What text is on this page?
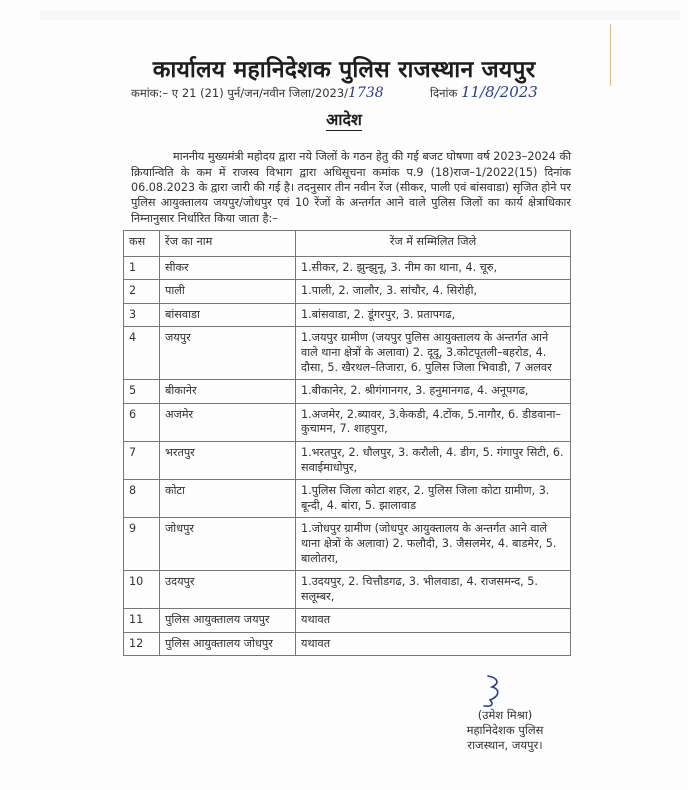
कार्यालय महानिदेशक पुलिस राजस्थान जयपुर
कमांक:– ए 21 (21) पुर्न/जन/नवीन जिला/2023/1738	दिनांक 11/8/2023
आदेश

माननीय मुख्यमंत्री महोदय द्वारा नये जिलों के गठन हेतु की गई बजट घोषणा वर्ष 2023–2024 की क्रियान्विति के कम में राजस्व विभाग द्वारा अधिसूचना कमांक प.9 (18)राज–1/2022(15) दिनांक 06.08.2023 के द्वारा जारी की गई है। तदनुसार तीन नवीन रेंज (सीकर, पाली एवं बांसवाडा) सृजित होने पर पुलिस आयुक्तालय जयपुर/जोधपुर एवं 10 रेंजों के अन्तर्गत आने वाले पुलिस जिलों का कार्य क्षेत्राधिकार निम्नानुसार निर्धारित किया जाता है:–

कस	रेंज का नाम	रेंज में सम्मिलित जिले
1	सीकर	1.सीकर, 2. झुन्झुनू, 3. नीम का थाना, 4. चूरु,
2	पाली	1.पाली, 2. जालौर, 3. सांचौर, 4. सिरोही,
3	बांसवाडा	1.बांसवाडा, 2. डूंगरपुर, 3. प्रतापगढ,
4	जयपुर	1.जयपुर ग्रामीण (जयपुर पुलिस आयुक्तालय के अन्तर्गत आने वाले थाना क्षेत्रों के अलावा) 2. दूदू, 3.कोटपूतली–बहरोड, 4. दौसा, 5. खैरथल–तिजारा, 6. पुलिस जिला भिवाडी, 7 अलवर
5	बीकानेर	1.बीकानेर, 2. श्रीगंगानगर, 3. हनुमानगढ, 4. अनूपगढ,
6	अजमेर	1.अजमेर, 2.ब्यावर, 3.केकडी, 4.टोंक, 5.नागौर, 6. डीडवाना–कुचामन, 7. शाहपुरा,
7	भरतपुर	1.भरतपुर, 2. धौलपुर, 3. करौली, 4. डीग, 5. गंगापुर सिटी, 6. सवाईमाधोपुर,
8	कोटा	1.पुलिस जिला कोटा शहर, 2. पुलिस जिला कोटा ग्रामीण, 3. बून्दी, 4. बांरा, 5. झालावाड
9	जोधपुर	1.जोधपुर ग्रामीण (जोधपुर आयुक्तालय के अन्तर्गत आने वाले थाना क्षेत्रों के अलावा) 2. फलौदी, 3. जैसलमेर, 4. बाडमेर, 5. बालोतरा,
10	उदयपुर	1.उदयपुर, 2. चित्तौडगढ, 3. भीलवाडा, 4. राजसमन्द, 5. सलूम्बर,
11	पुलिस आयुक्तालय जयपुर	यथावत
12	पुलिस आयुक्तालय जोधपुर	यथावत
(उमेश मिश्रा)
महानिदेशक पुलिस
राजस्थान, जयपुर।
